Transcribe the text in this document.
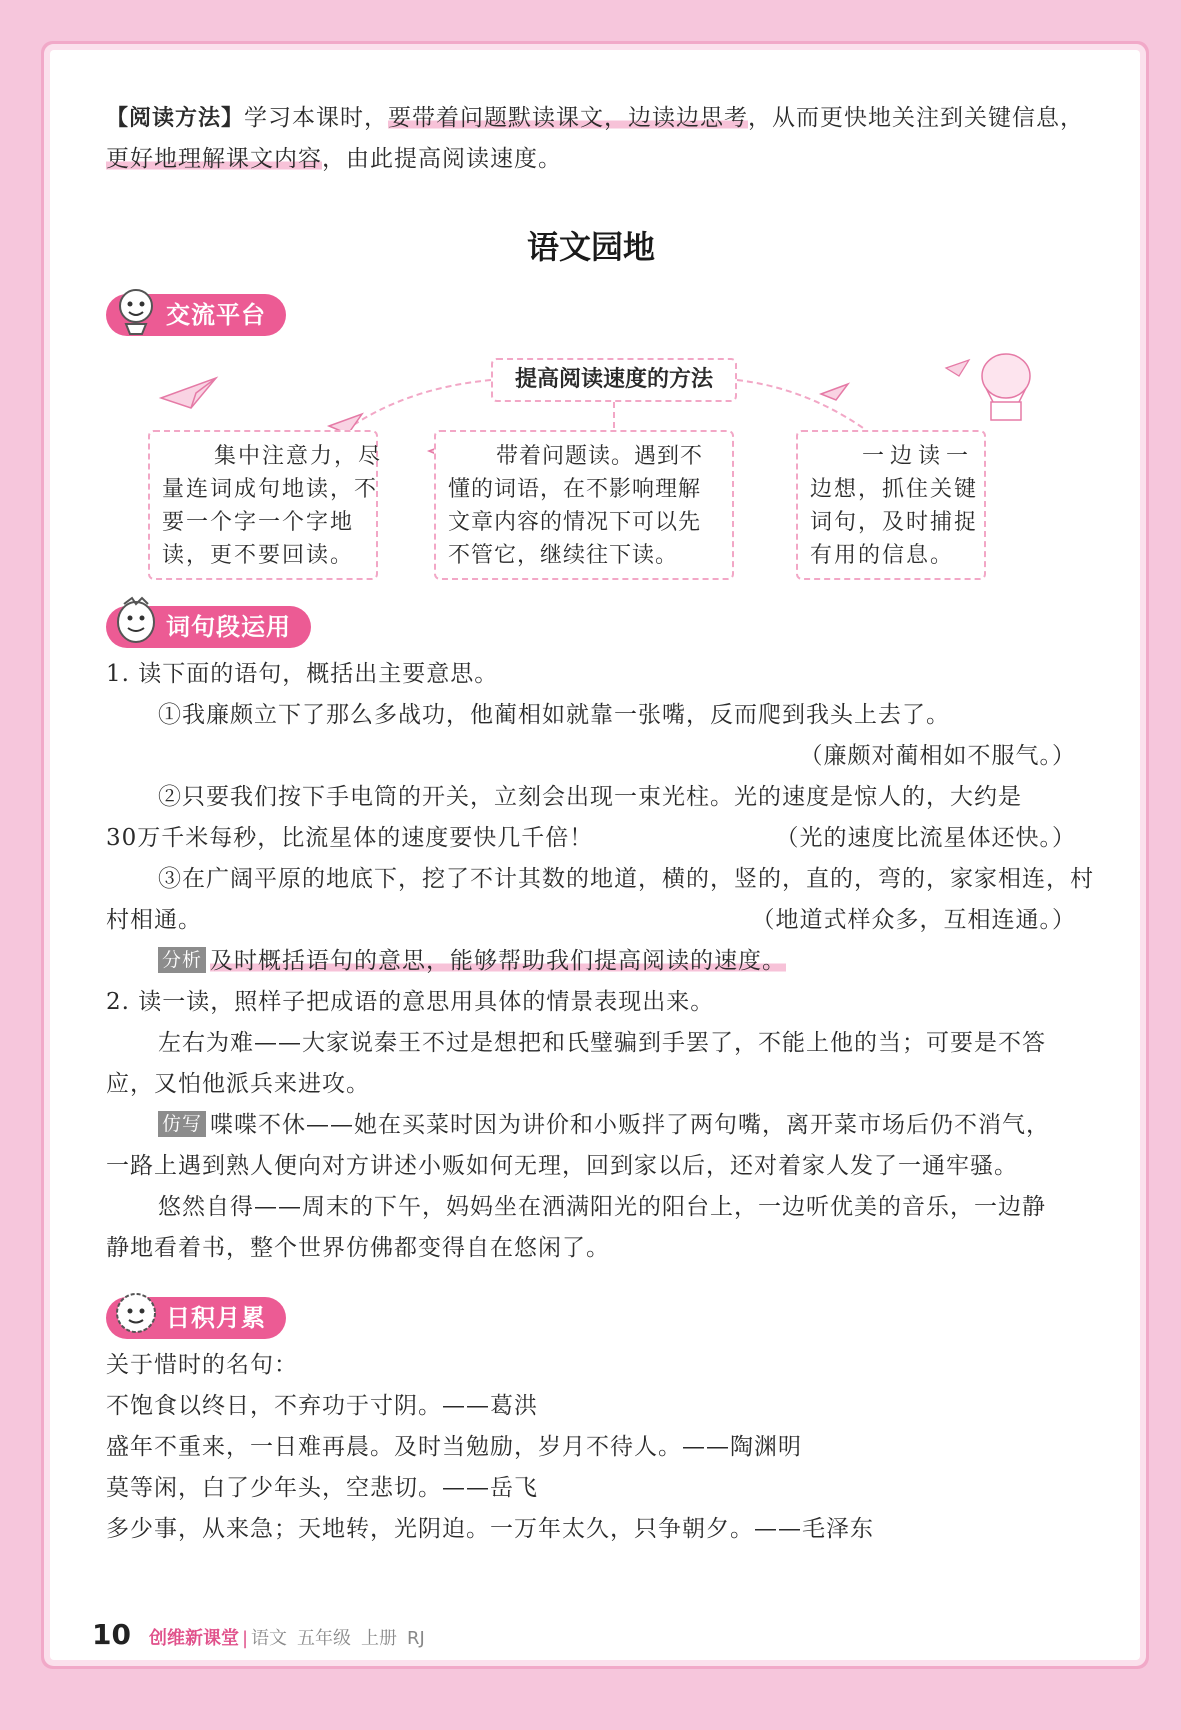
【阅读方法】学习本课时，要带着问题默读课文，边读边思考，从而更快地关注到关键信息，
更好地理解课文内容，由此提高阅读速度。
语文园地
交流平台
提高阅读速度的方法
集中注意力，尽
量连词成句地读，不
要一个字一个字地
读，更不要回读。
带着问题读。遇到不
懂的词语，在不影响理解
文章内容的情况下可以先
不管它，继续往下读。
一边读一
边想，抓住关键
词句，及时捕捉
有用的信息。
词句段运用
1. 读下面的语句，概括出主要意思。
①我廉颇立下了那么多战功，他蔺相如就靠一张嘴，反而爬到我头上去了。
（廉颇对蔺相如不服气。）
②只要我们按下手电筒的开关，立刻会出现一束光柱。光的速度是惊人的，大约是
30万千米每秒，比流星体的速度要快几千倍！	（光的速度比流星体还快。）
③在广阔平原的地底下，挖了不计其数的地道，横的，竖的，直的，弯的，家家相连，村
村相通。	（地道式样众多，互相连通。）
分析 及时概括语句的意思，能够帮助我们提高阅读的速度。
2. 读一读，照样子把成语的意思用具体的情景表现出来。
左右为难——大家说秦王不过是想把和氏璧骗到手罢了，不能上他的当；可要是不答
应，又怕他派兵来进攻。
仿写 喋喋不休——她在买菜时因为讲价和小贩拌了两句嘴，离开菜市场后仍不消气，
一路上遇到熟人便向对方讲述小贩如何无理，回到家以后，还对着家人发了一通牢骚。
悠然自得——周末的下午，妈妈坐在洒满阳光的阳台上，一边听优美的音乐，一边静
静地看着书，整个世界仿佛都变得自在悠闲了。
日积月累
关于惜时的名句：
不饱食以终日，不弃功于寸阴。——葛洪
盛年不重来，一日难再晨。及时当勉励，岁月不待人。——陶渊明
莫等闲，白了少年头，空悲切。——岳飞
多少事，从来急；天地转，光阴迫。一万年太久，只争朝夕。——毛泽东
10 创维新课堂 | 语文 五年级 上册 RJ
